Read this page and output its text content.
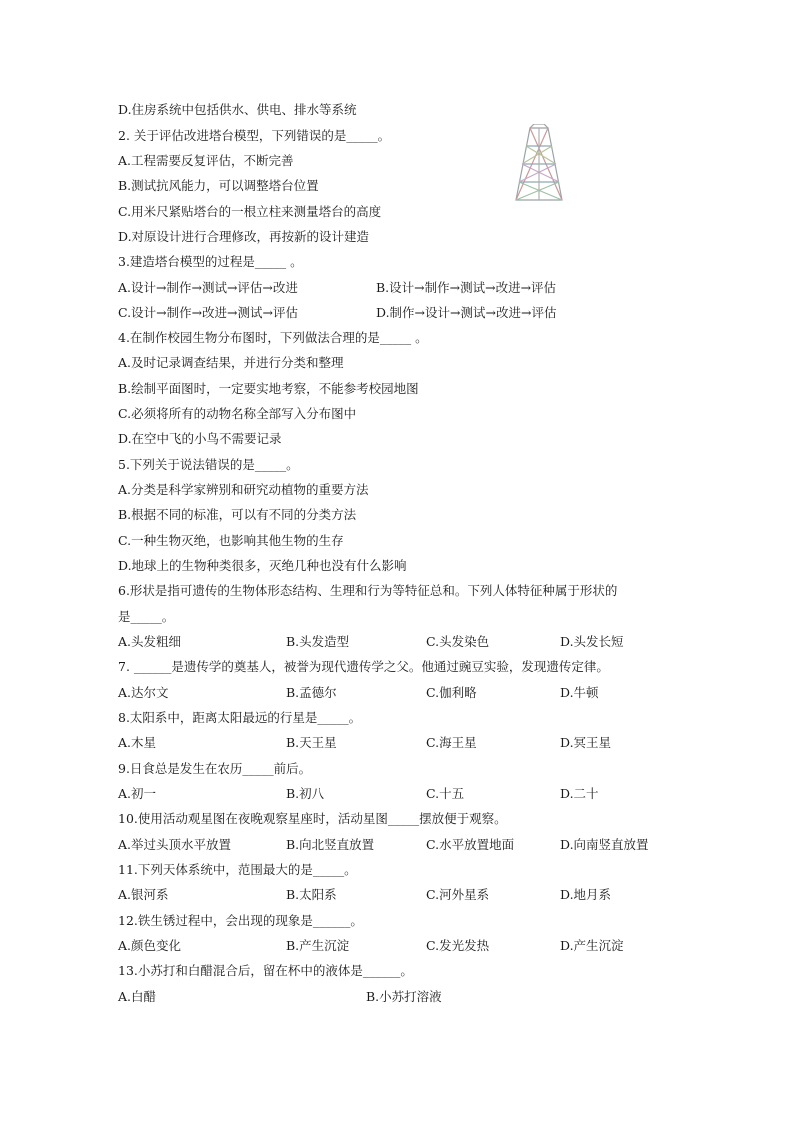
D.住房系统中包括供水、供电、排水等系统
2. 关于评估改进塔台模型，下列错误的是_____。
A.工程需要反复评估，不断完善
B.测试抗风能力，可以调整塔台位置
C.用米尺紧贴塔台的一根立柱来测量塔台的高度
D.对原设计进行合理修改，再按新的设计建造
3.建造塔台模型的过程是_____ 。
A.设计→制作→测试→评估→改进	B.设计→制作→测试→改进→评估
C.设计→制作→改进→测试→评估	D.制作→设计→测试→改进→评估
4.在制作校园生物分布图时，下列做法合理的是_____ 。
A.及时记录调查结果，并进行分类和整理
B.绘制平面图时，一定要实地考察，不能参考校园地图
C.必须将所有的动物名称全部写入分布图中
D.在空中飞的小鸟不需要记录
5.下列关于说法错误的是_____。
A.分类是科学家辨别和研究动植物的重要方法
B.根据不同的标准，可以有不同的分类方法
C.一种生物灭绝，也影响其他生物的生存
D.地球上的生物种类很多，灭绝几种也没有什么影响
6.形状是指可遗传的生物体形态结构、生理和行为等特征总和。下列人体特征种属于形状的
是_____。
A.头发粗细	B.头发造型	C.头发染色	D.头发长短
7. ______是遗传学的奠基人，被誉为现代遗传学之父。他通过豌豆实验，发现遗传定律。
A.达尔文	B.孟德尔	C.伽利略	D.牛顿
8.太阳系中，距离太阳最远的行星是_____。
A.木星	B.天王星	C.海王星	D.冥王星
9.日食总是发生在农历_____前后。
A.初一	B.初八	C.十五	D.二十
10.使用活动观星图在夜晚观察星座时，活动星图_____摆放便于观察。
A.举过头顶水平放置	B.向北竖直放置	C.水平放置地面	D.向南竖直放置
11.下列天体系统中，范围最大的是_____。
A.银河系	B.太阳系	C.河外星系	D.地月系
12.铁生锈过程中，会出现的现象是______。
A.颜色变化	B.产生沉淀	C.发光发热	D.产生沉淀
13.小苏打和白醋混合后，留在杯中的液体是______。
A.白醋	B.小苏打溶液
